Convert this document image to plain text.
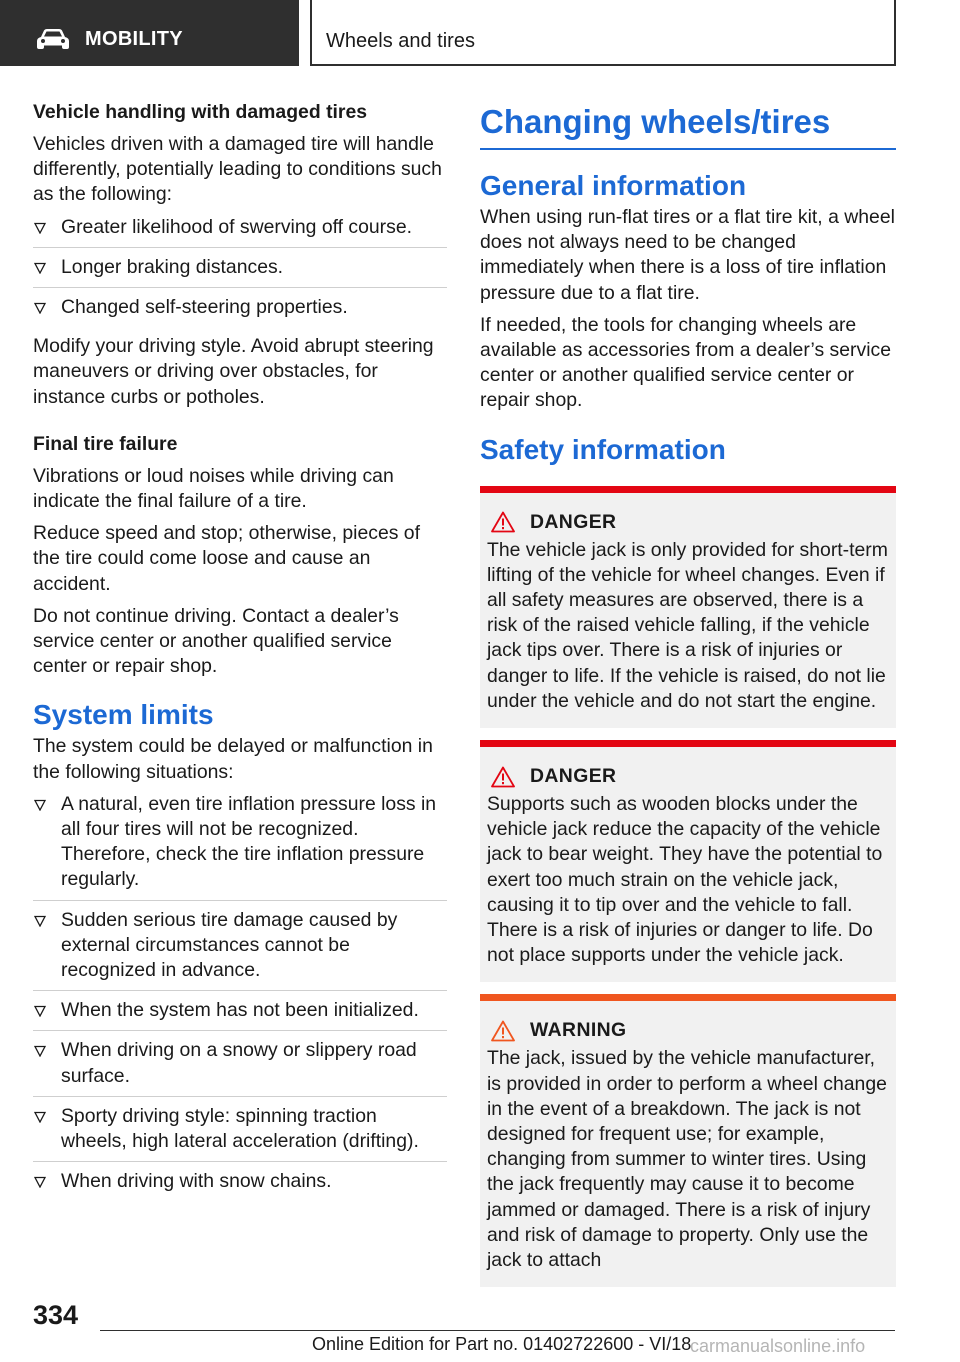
MOBILITY	Wheels and tires
Vehicle handling with damaged tires

Vehicles driven with a damaged tire will handle differently, potentially leading to conditions such as the following:

Greater likelihood of swerving off course.
Longer braking distances.
Changed self-steering properties.

Modify your driving style. Avoid abrupt steering maneuvers or driving over obstacles, for instance curbs or potholes.

Final tire failure

Vibrations or loud noises while driving can indicate the final failure of a tire.

Reduce speed and stop; otherwise, pieces of the tire could come loose and cause an accident.

Do not continue driving. Contact a dealer’s service center or another qualified service center or repair shop.

System limits

The system could be delayed or malfunction in the following situations:

A natural, even tire inflation pressure loss in all four tires will not be recognized. Therefore, check the tire inflation pressure regularly.
Sudden serious tire damage caused by external circumstances cannot be recognized in advance.
When the system has not been initialized.
When driving on a snowy or slippery road surface.
Sporty driving style: spinning traction wheels, high lateral acceleration (drifting).
When driving with snow chains.
Changing wheels/tires
General information

When using run-flat tires or a flat tire kit, a wheel does not always need to be changed immediately when there is a loss of tire inflation pressure due to a flat tire.

If needed, the tools for changing wheels are available as accessories from a dealer’s service center or another qualified service center or repair shop.

Safety information
DANGER

The vehicle jack is only provided for short-term lifting of the vehicle for wheel changes. Even if all safety measures are observed, there is a risk of the raised vehicle falling, if the vehicle jack tips over. There is a risk of injuries or danger to life. If the vehicle is raised, do not lie under the vehicle and do not start the engine.

DANGER

Supports such as wooden blocks under the vehicle jack reduce the capacity of the vehicle jack to bear weight. They have the potential to exert too much strain on the vehicle jack, causing it to tip over and the vehicle to fall. There is a risk of injuries or danger to life. Do not place supports under the vehicle jack.

WARNING

The jack, issued by the vehicle manufacturer, is provided in order to perform a wheel change in the event of a breakdown. The jack is not designed for frequent use; for example, changing from summer to winter tires. Using the jack frequently may cause it to become jammed or damaged. There is a risk of injury and risk of damage to property. Only use the jack to attach

334
Online Edition for Part no. 01402722600 - VI/18
carmanualsonline.info
